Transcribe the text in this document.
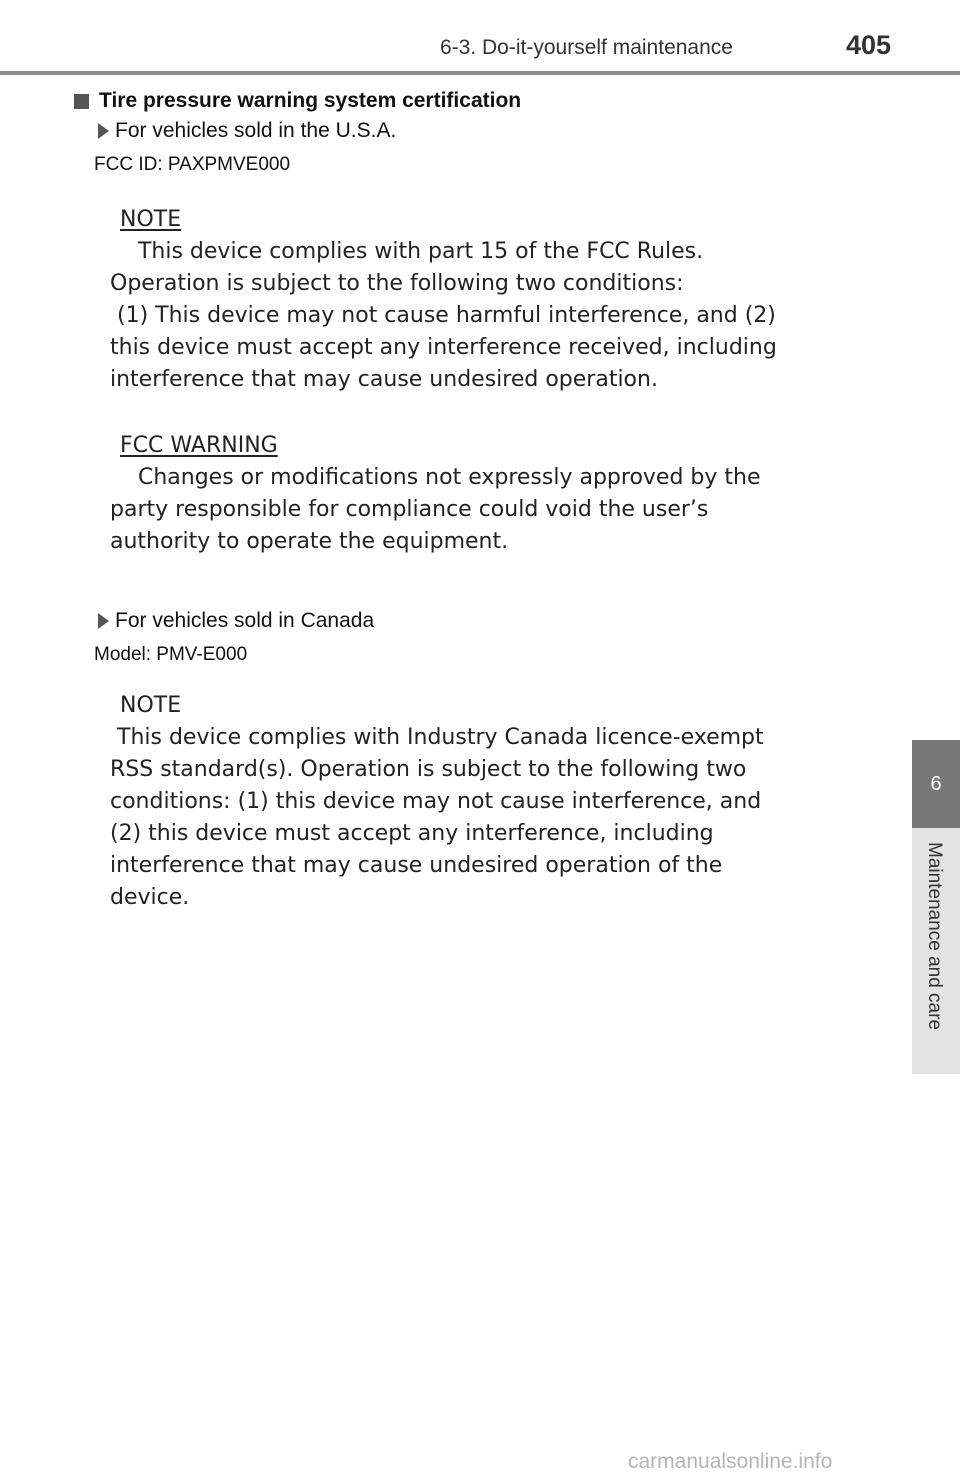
6-3. Do-it-yourself maintenance	405
6
Maintenance and care
Tire pressure warning system certification
For vehicles sold in the U.S.A.
FCC ID: PAXPMVE000
NOTE

This device complies with part 15 of the FCC Rules.
Operation is subject to the following two conditions:
(1) This device may not cause harmful interference, and (2)
this device must accept any interference received, including
interference that may cause undesired operation.

FCC WARNING

Changes or modifications not expressly approved by the
party responsible for compliance could void the user’s
authority to operate the equipment.

For vehicles sold in Canada
Model: PMV-E000
NOTE

This device complies with Industry Canada licence-exempt
RSS standard(s). Operation is subject to the following two
conditions: (1) this device may not cause interference, and
(2) this device must accept any interference, including
interference that may cause undesired operation of the
device.

carmanualsonline.info
